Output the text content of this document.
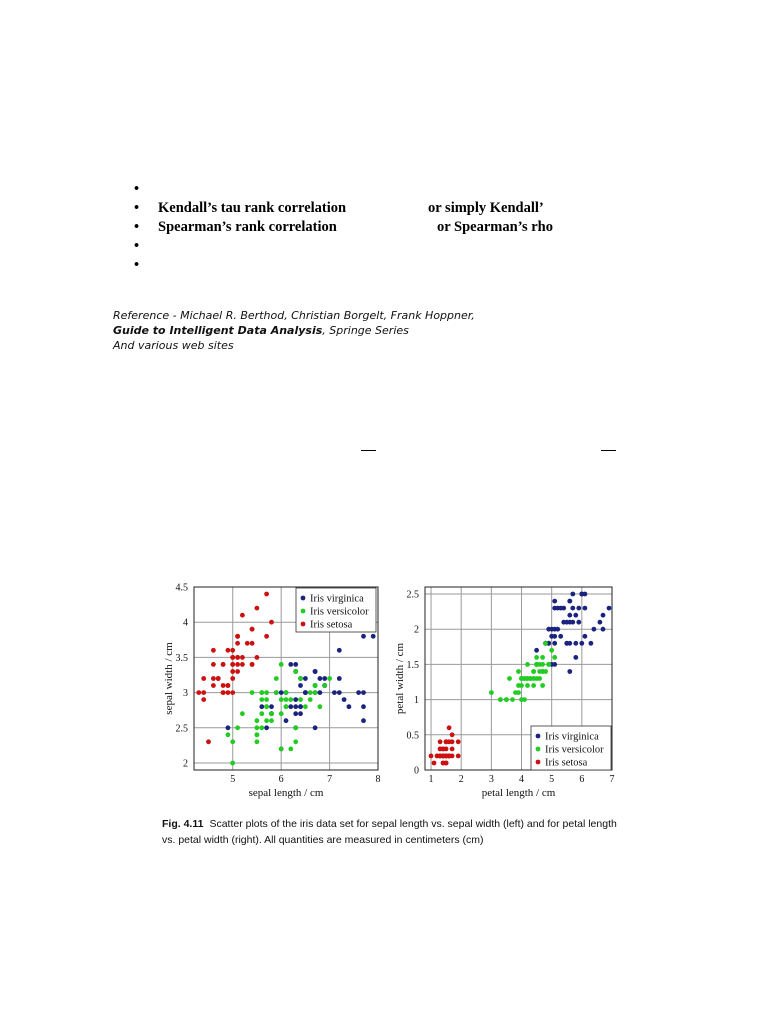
•
• Kendall’s tau rank correlation	or simply Kendall’
• Spearman’s rank correlation	or Spearman’s rho
•
•
Reference - Michael R. Berthod, Christian Borgelt, Frank Hoppner,
Guide to Intelligent Data Analysis, Springe Series
And various web sites
5	6	7	8
2
2.5
3
3.5
4
4.5
sepal length / cm
sepal width / cm
Iris virginica
Iris versicolor
Iris setosa
1	2	3	4	5	6	7
0
0.5
1
1.5
2
2.5
petal length / cm
petal width / cm
Iris virginica
Iris versicolor
Iris setosa
Fig. 4.11 Scatter plots of the iris data set for sepal length vs. sepal width (left) and for petal length
vs. petal width (right). All quantities are measured in centimeters (cm)
